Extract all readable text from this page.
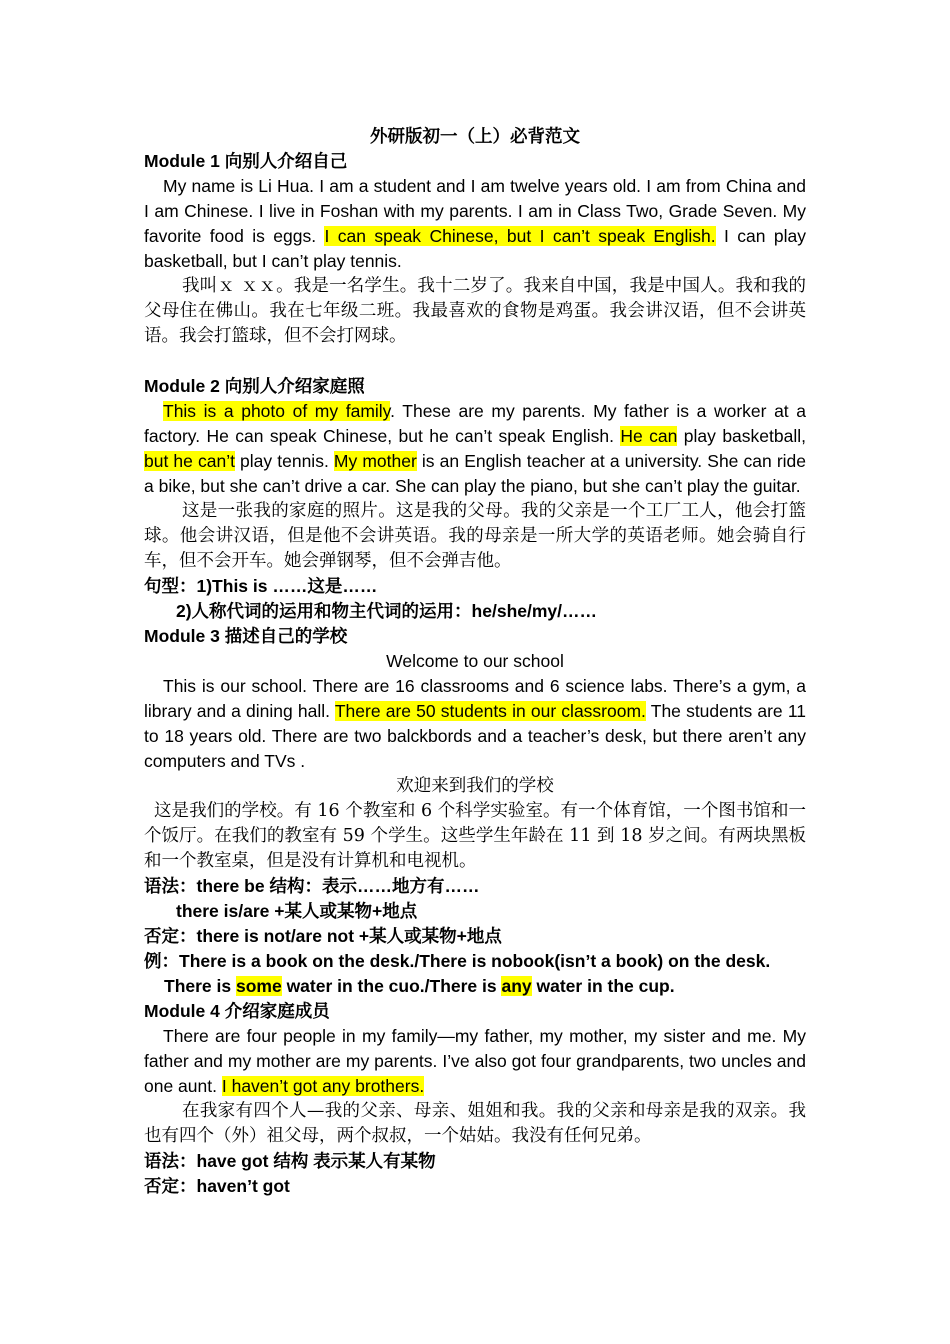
外研版初一（上）必背范文

Module 1 向别人介绍自己

My name is Li Hua. I am a student and I am twelve years old. I am from China and I am Chinese. I live in Foshan with my parents. I am in Class Two, Grade Seven. My favorite food is eggs. I can speak Chinese, but I can’t speak English. I can play basketball, but I can’t play tennis.

我叫ｘ ｘｘ。我是一名学生。我十二岁了。我来自中国，我是中国人。我和我的父母住在佛山。我在七年级二班。我最喜欢的食物是鸡蛋。我会讲汉语，但不会讲英语。我会打篮球，但不会打网球。

Module 2 向别人介绍家庭照

This is a photo of my family. These are my parents. My father is a worker at a factory. He can speak Chinese, but he can’t speak English. He can play basketball, but he can’t play tennis. My mother is an English teacher at a university. She can ride a bike, but she can’t drive a car. She can play the piano, but she can’t play the guitar.

这是一张我的家庭的照片。这是我的父母。我的父亲是一个工厂工人，他会打篮球。他会讲汉语，但是他不会讲英语。我的母亲是一所大学的英语老师。她会骑自行车，但不会开车。她会弹钢琴，但不会弹吉他。

句型：1)This is ……这是……

2)人称代词的运用和物主代词的运用：he/she/my/……

Module 3 描述自己的学校

Welcome to our school

This is our school. There are 16 classrooms and 6 science labs. There’s a gym, a library and a dining hall. There are 50 students in our classroom. The students are 11 to 18 years old. There are two balckbords and a teacher’s desk, but there aren’t any computers and TVs .

欢迎来到我们的学校

这是我们的学校。有 16 个教室和 6 个科学实验室。有一个体育馆，一个图书馆和一个饭厅。在我们的教室有 59 个学生。这些学生年龄在 11 到 18 岁之间。有两块黑板和一个教室桌，但是没有计算机和电视机。

语法：there be 结构：表示……地方有……

there is/are +某人或某物+地点

否定：there is not/are not +某人或某物+地点

例：There is a book on the desk./There is nobook(isn’t a book) on the desk.

There is some water in the cuo./There is any water in the cup.

Module 4 介绍家庭成员

There are four people in my family—my father, my mother, my sister and me. My father and my mother are my parents. I’ve also got four grandparents, two uncles and one aunt. I haven’t got any brothers.

在我家有四个人—我的父亲、母亲、姐姐和我。我的父亲和母亲是我的双亲。我也有四个（外）祖父母，两个叔叔，一个姑姑。我没有任何兄弟。

语法：have got 结构 表示某人有某物

否定：haven’t got
